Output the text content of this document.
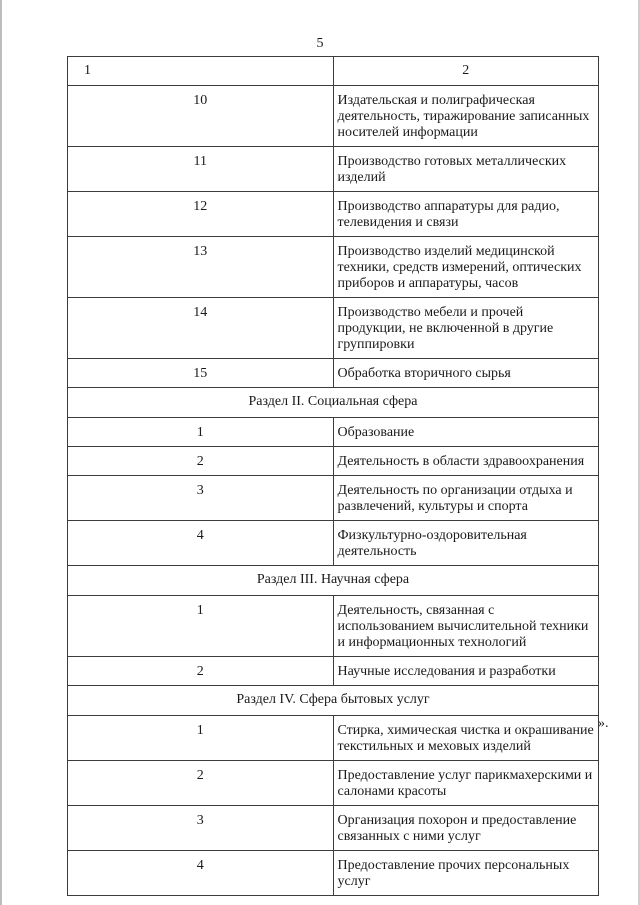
5
1	2
10	Издательская и полиграфическая деятельность, тиражирование записанных носителей информации
11	Производство готовых металлических изделий
12	Производство аппаратуры для радио, телевидения и связи
13	Производство изделий медицинской техники, средств измерений, оптических приборов и аппаратуры, часов
14	Производство мебели и прочей продукции, не включенной в другие группировки
15	Обработка вторичного сырья
Раздел II. Социальная сфера	
1	Образование
2	Деятельность в области здравоохранения
3	Деятельность по организации отдыха и развлечений, культуры и спорта
4	Физкультурно-оздоровительная деятельность
Раздел III. Научная сфера	
1	Деятельность, связанная с использованием вычислительной техники и информационных технологий
2	Научные исследования и разработки
Раздел IV. Сфера бытовых услуг	
1	Стирка, химическая чистка и окрашивание текстильных и меховых изделий
2	Предоставление услуг парикмахерскими и салонами красоты
3	Организация похорон и предоставление связанных с ними услуг
4	Предоставление прочих персональных услуг
».
